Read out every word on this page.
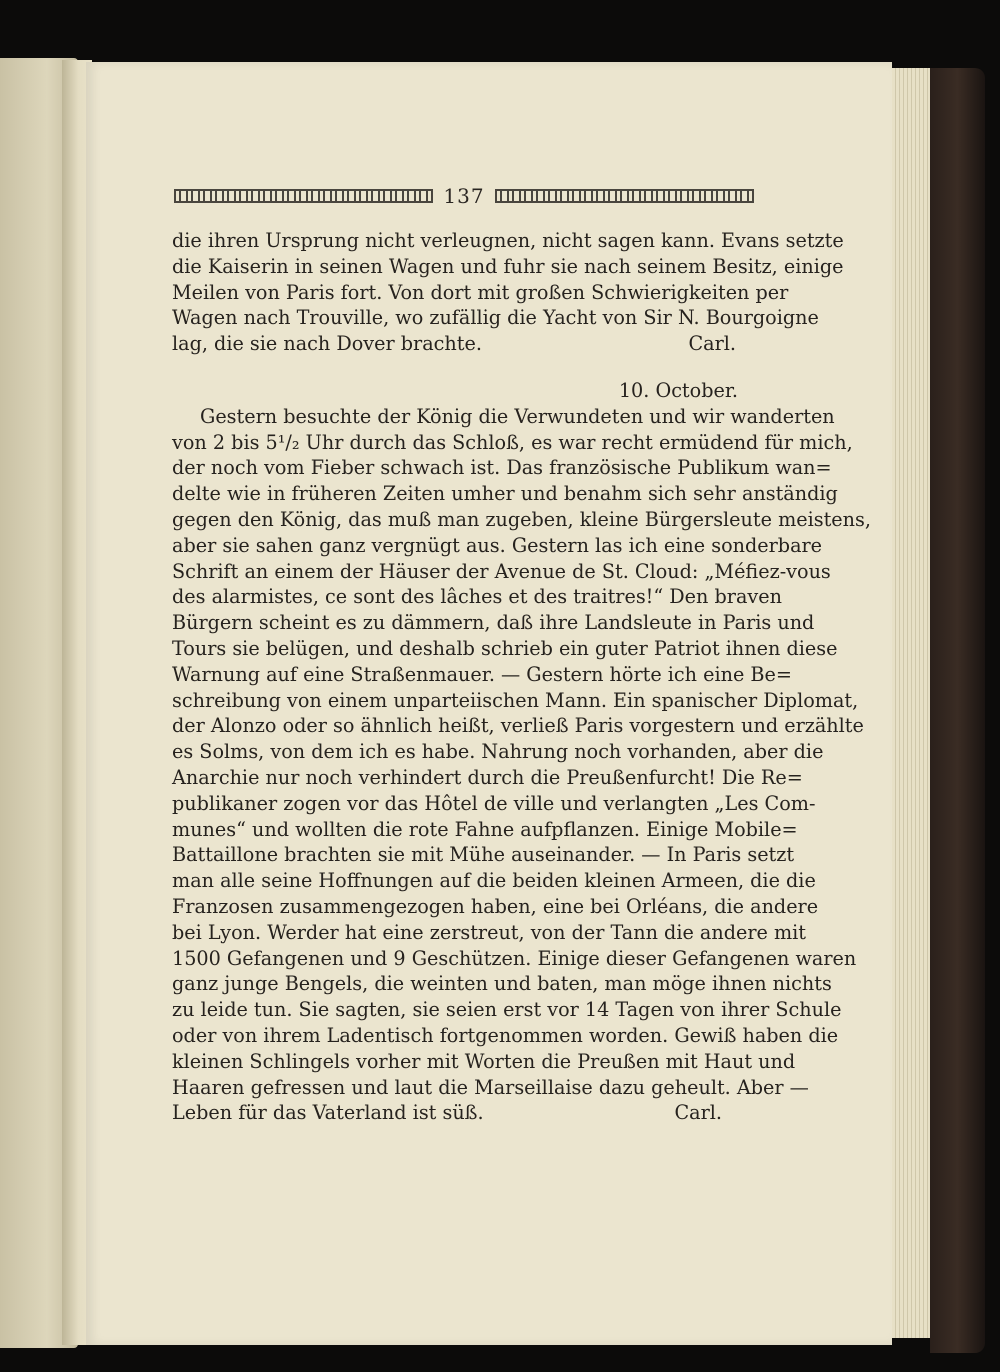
137
die ihren Ursprung nicht verleugnen, nicht sagen kann. Evans setzte
die Kaiserin in seinen Wagen und fuhr sie nach seinem Besitz, einige
Meilen von Paris fort. Von dort mit großen Schwierigkeiten per
Wagen nach Trouville, wo zufällig die Yacht von Sir N. Bourgoigne
lag, die sie nach Dover brachte.	Carl.
10. October.
Gestern besuchte der König die Verwundeten und wir wanderten
von 2 bis 5¹/₂ Uhr durch das Schloß, es war recht ermüdend für mich,
der noch vom Fieber schwach ist. Das französische Publikum wan=
delte wie in früheren Zeiten umher und benahm sich sehr anständig
gegen den König, das muß man zugeben, kleine Bürgersleute meistens,
aber sie sahen ganz vergnügt aus. Gestern las ich eine sonderbare
Schrift an einem der Häuser der Avenue de St. Cloud: „Méfiez-vous
des alarmistes, ce sont des lâches et des traitres!“ Den braven
Bürgern scheint es zu dämmern, daß ihre Landsleute in Paris und
Tours sie belügen, und deshalb schrieb ein guter Patriot ihnen diese
Warnung auf eine Straßenmauer. — Gestern hörte ich eine Be=
schreibung von einem unparteiischen Mann. Ein spanischer Diplomat,
der Alonzo oder so ähnlich heißt, verließ Paris vorgestern und erzählte
es Solms, von dem ich es habe. Nahrung noch vorhanden, aber die
Anarchie nur noch verhindert durch die Preußenfurcht! Die Re=
publikaner zogen vor das Hôtel de ville und verlangten „Les Com-
munes“ und wollten die rote Fahne aufpflanzen. Einige Mobile=
Battaillone brachten sie mit Mühe auseinander. — In Paris setzt
man alle seine Hoffnungen auf die beiden kleinen Armeen, die die
Franzosen zusammengezogen haben, eine bei Orléans, die andere
bei Lyon. Werder hat eine zerstreut, von der Tann die andere mit
1500 Gefangenen und 9 Geschützen. Einige dieser Gefangenen waren
ganz junge Bengels, die weinten und baten, man möge ihnen nichts
zu leide tun. Sie sagten, sie seien erst vor 14 Tagen von ihrer Schule
oder von ihrem Ladentisch fortgenommen worden. Gewiß haben die
kleinen Schlingels vorher mit Worten die Preußen mit Haut und
Haaren gefressen und laut die Marseillaise dazu geheult. Aber —
Leben für das Vaterland ist süß.	Carl.
